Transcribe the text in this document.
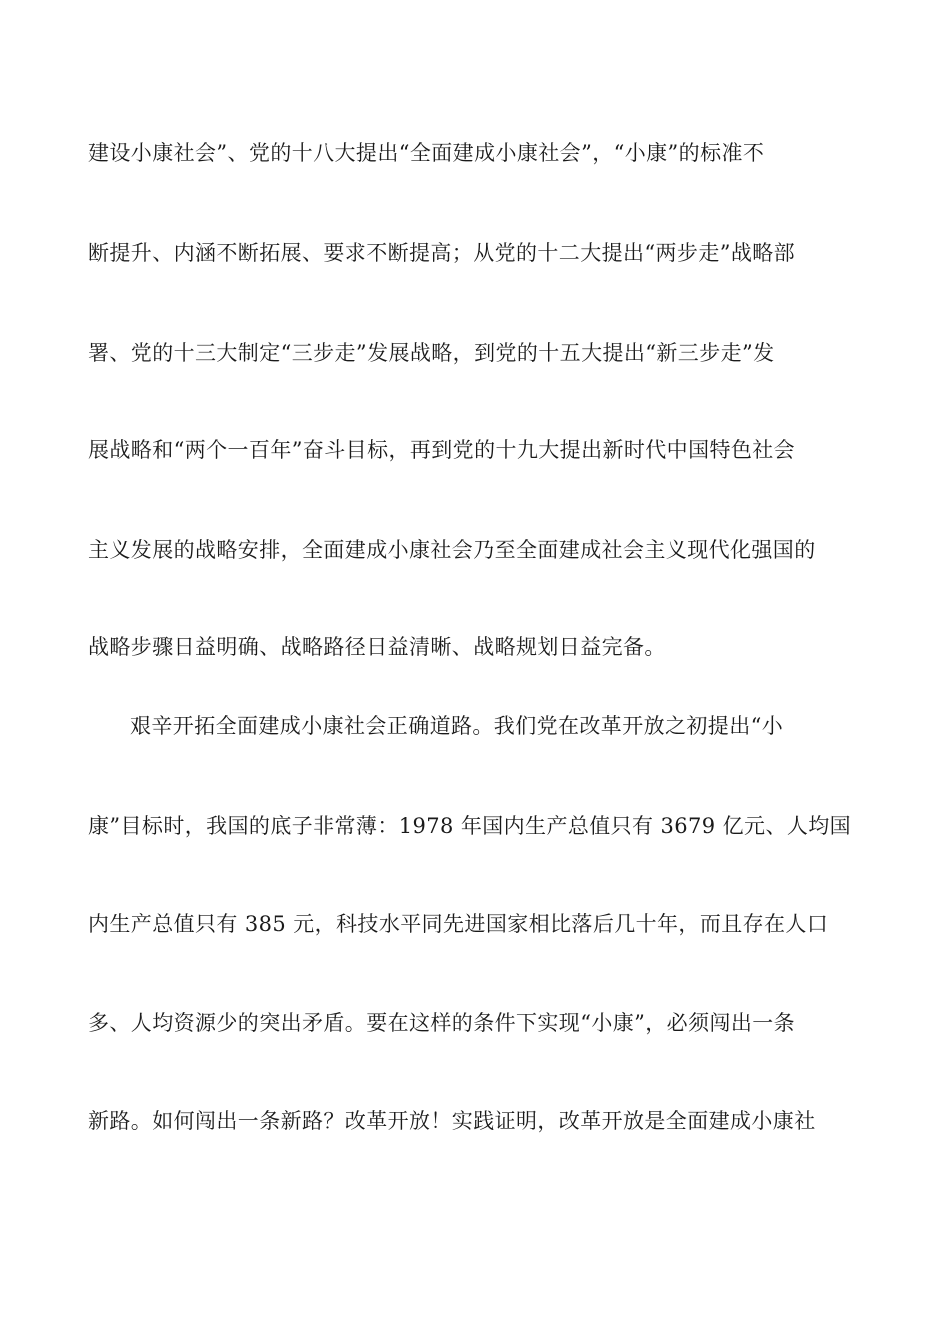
建设小康社会”、党的十八大提出“全面建成小康社会”，“小康”的标准不
断提升、内涵不断拓展、要求不断提高；从党的十二大提出“两步走”战略部
署、党的十三大制定“三步走”发展战略，到党的十五大提出“新三步走”发
展战略和“两个一百年”奋斗目标，再到党的十九大提出新时代中国特色社会
主义发展的战略安排，全面建成小康社会乃至全面建成社会主义现代化强国的
战略步骤日益明确、战略路径日益清晰、战略规划日益完备。
艰辛开拓全面建成小康社会正确道路。我们党在改革开放之初提出“小
康”目标时，我国的底子非常薄：1978 年国内生产总值只有 3679 亿元、人均国
内生产总值只有 385 元，科技水平同先进国家相比落后几十年，而且存在人口
多、人均资源少的突出矛盾。要在这样的条件下实现“小康”，必须闯出一条
新路。如何闯出一条新路？改革开放！实践证明，改革开放是全面建成小康社
